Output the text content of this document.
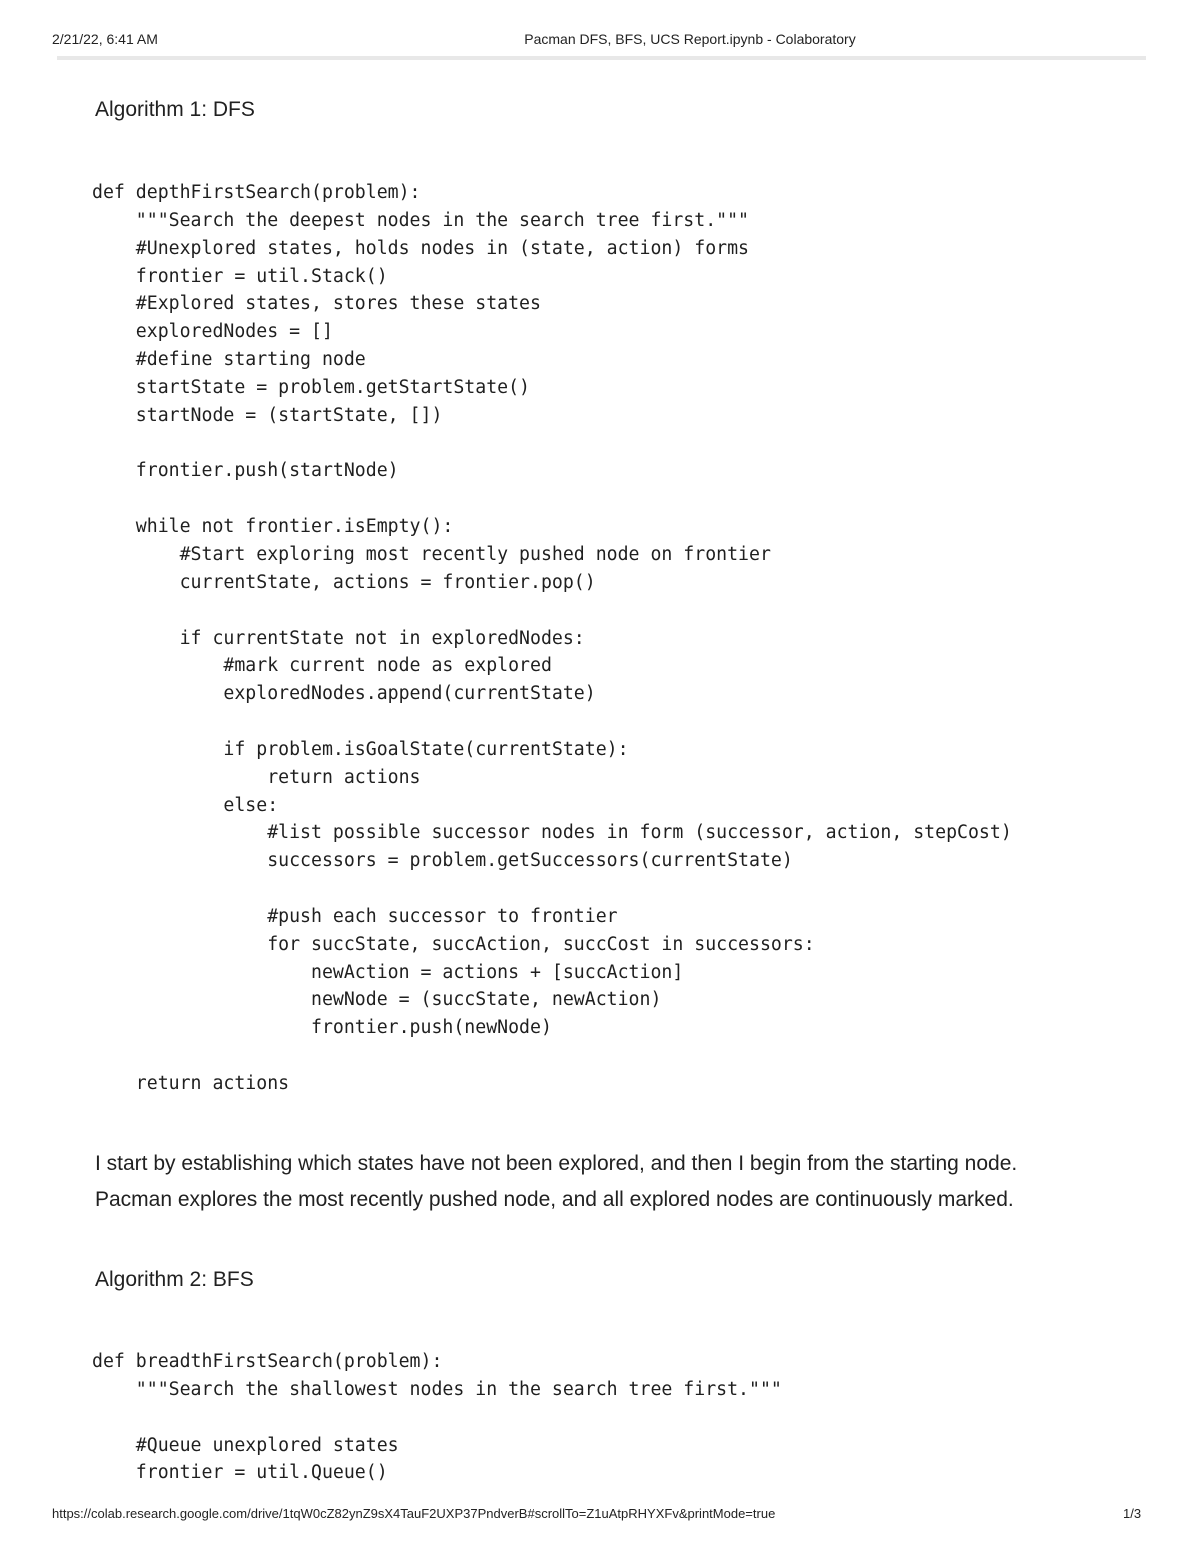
2/21/22, 6:41 AM	Pacman DFS, BFS, UCS Report.ipynb - Colaboratory
Algorithm 1: DFS
def depthFirstSearch(problem):
"""Search the deepest nodes in the search tree first."""
#Unexplored states, holds nodes in (state, action) forms
frontier = util.Stack()
#Explored states, stores these states
exploredNodes = []
#define starting node
startState = problem.getStartState()
startNode = (startState, [])

frontier.push(startNode)

while not frontier.isEmpty():
#Start exploring most recently pushed node on frontier
currentState, actions = frontier.pop()

if currentState not in exploredNodes:
#mark current node as explored
exploredNodes.append(currentState)

if problem.isGoalState(currentState):
return actions
else:
#list possible successor nodes in form (successor, action, stepCost)
successors = problem.getSuccessors(currentState)

#push each successor to frontier
for succState, succAction, succCost in successors:
newAction = actions + [succAction]
newNode = (succState, newAction)
frontier.push(newNode)

return actions
I start by establishing which states have not been explored, and then I begin from the starting node.
Pacman explores the most recently pushed node, and all explored nodes are continuously marked.
Algorithm 2: BFS
def breadthFirstSearch(problem):
"""Search the shallowest nodes in the search tree first."""

#Queue unexplored states
frontier = util.Queue()
https://colab.research.google.com/drive/1tqW0cZ82ynZ9sX4TauF2UXP37PndverB#scrollTo=Z1uAtpRHYXFv&printMode=true	1/3
